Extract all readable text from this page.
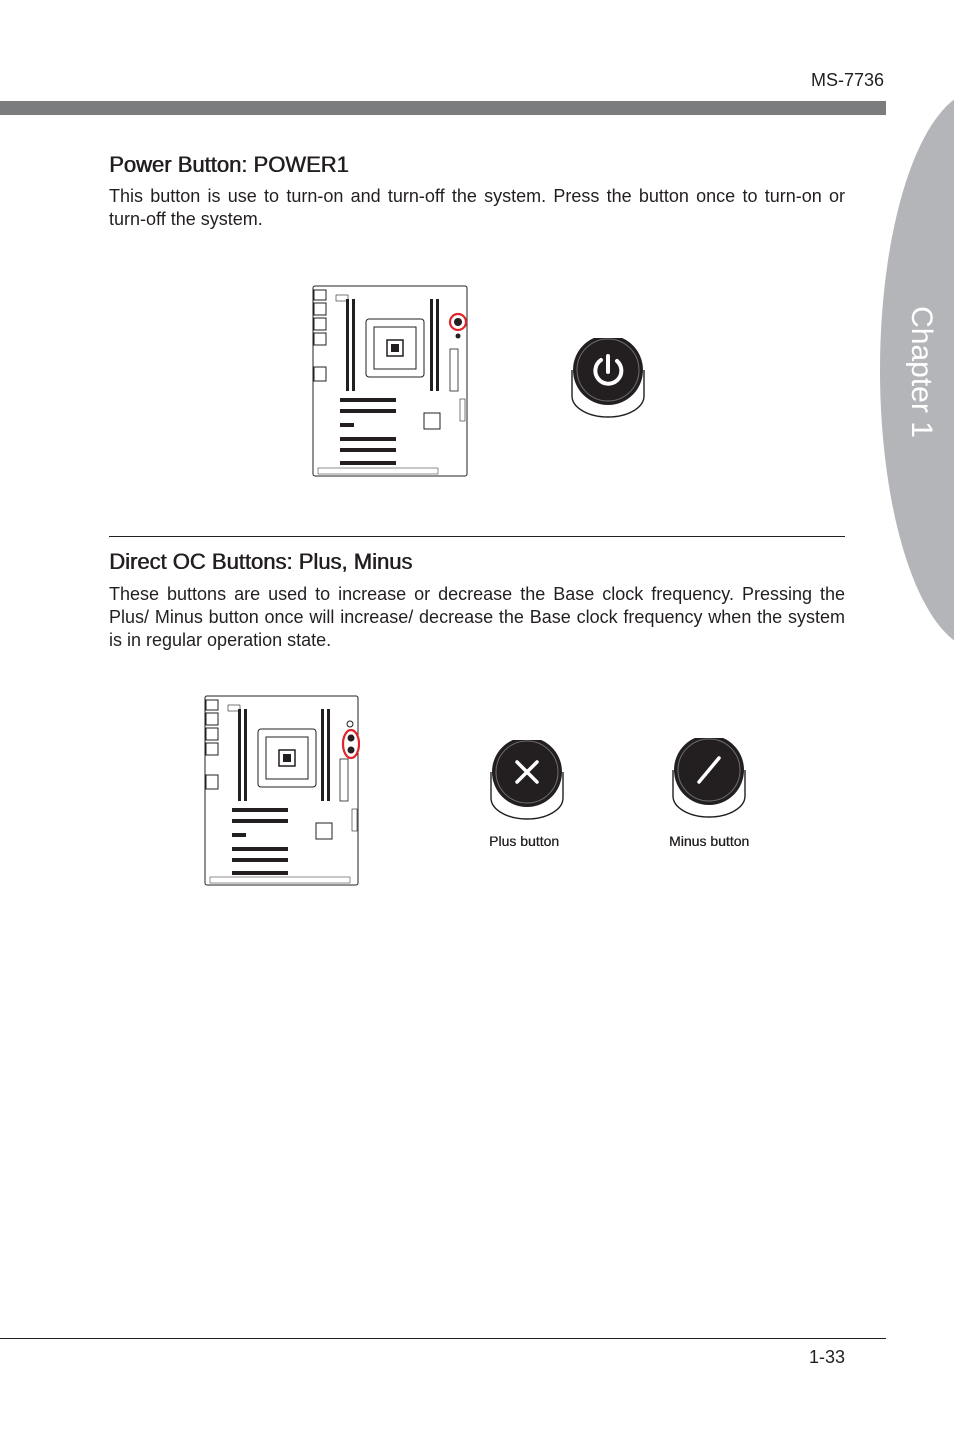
MS-7736
Chapter 1
Power Button: POWER1

This button is use to turn-on and turn-off the system. Press the button once to turn-on or turn-off the system.

Direct OC Buttons: Plus, Minus

These buttons are used to increase or decrease the Base clock frequency. Pressing the Plus/ Minus button once will increase/ decrease the Base clock frequency when the system is in regular operation state.

Plus button	Minus button
1-33
